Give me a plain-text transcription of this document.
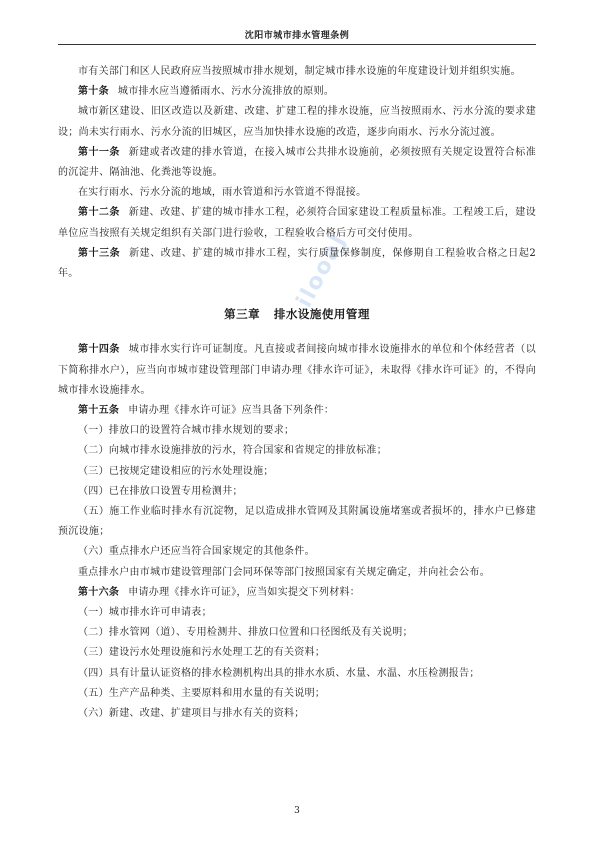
沈阳市城市排水管理条例
ilooaJ

市有关部门和区人民政府应当按照城市排水规划，制定城市排水设施的年度建设计划并组织实施。

第十条 城市排水应当遵循雨水、污水分流排放的原则。

城市新区建设、旧区改造以及新建、改建、扩建工程的排水设施，应当按照雨水、污水分流的要求建设；尚未实行雨水、污水分流的旧城区，应当加快排水设施的改造，逐步向雨水、污水分流过渡。

第十一条 新建或者改建的排水管道，在接入城市公共排水设施前，必须按照有关规定设置符合标准的沉淀井、隔油池、化粪池等设施。

在实行雨水、污水分流的地域，雨水管道和污水管道不得混接。

第十二条 新建、改建、扩建的城市排水工程，必须符合国家建设工程质量标准。工程竣工后，建设单位应当按照有关规定组织有关部门进行验收，工程验收合格后方可交付使用。

第十三条 新建、改建、扩建的城市排水工程，实行质量保修制度，保修期自工程验收合格之日起2年。

第三章 排水设施使用管理

第十四条 城市排水实行许可证制度。凡直接或者间接向城市排水设施排水的单位和个体经营者（以下简称排水户），应当向市城市建设管理部门申请办理《排水许可证》，未取得《排水许可证》的，不得向城市排水设施排水。

第十五条 申请办理《排水许可证》应当具备下列条件：

（一）排放口的设置符合城市排水规划的要求；

（二）向城市排水设施排放的污水，符合国家和省规定的排放标准；

（三）已按规定建设相应的污水处理设施；

（四）已在排放口设置专用检测井；

（五）施工作业临时排水有沉淀物，足以造成排水管网及其附属设施堵塞或者损坏的，排水户已修建预沉设施；

（六）重点排水户还应当符合国家规定的其他条件。

重点排水户由市城市建设管理部门会同环保等部门按照国家有关规定确定，并向社会公布。

第十六条 申请办理《排水许可证》，应当如实提交下列材料：

（一）城市排水许可申请表；

（二）排水管网（道）、专用检测井、排放口位置和口径图纸及有关说明；

（三）建设污水处理设施和污水处理工艺的有关资料；

（四）具有计量认证资格的排水检测机构出具的排水水质、水量、水温、水压检测报告；

（五）生产产品种类、主要原料和用水量的有关说明；

（六）新建、改建、扩建项目与排水有关的资料；

3
